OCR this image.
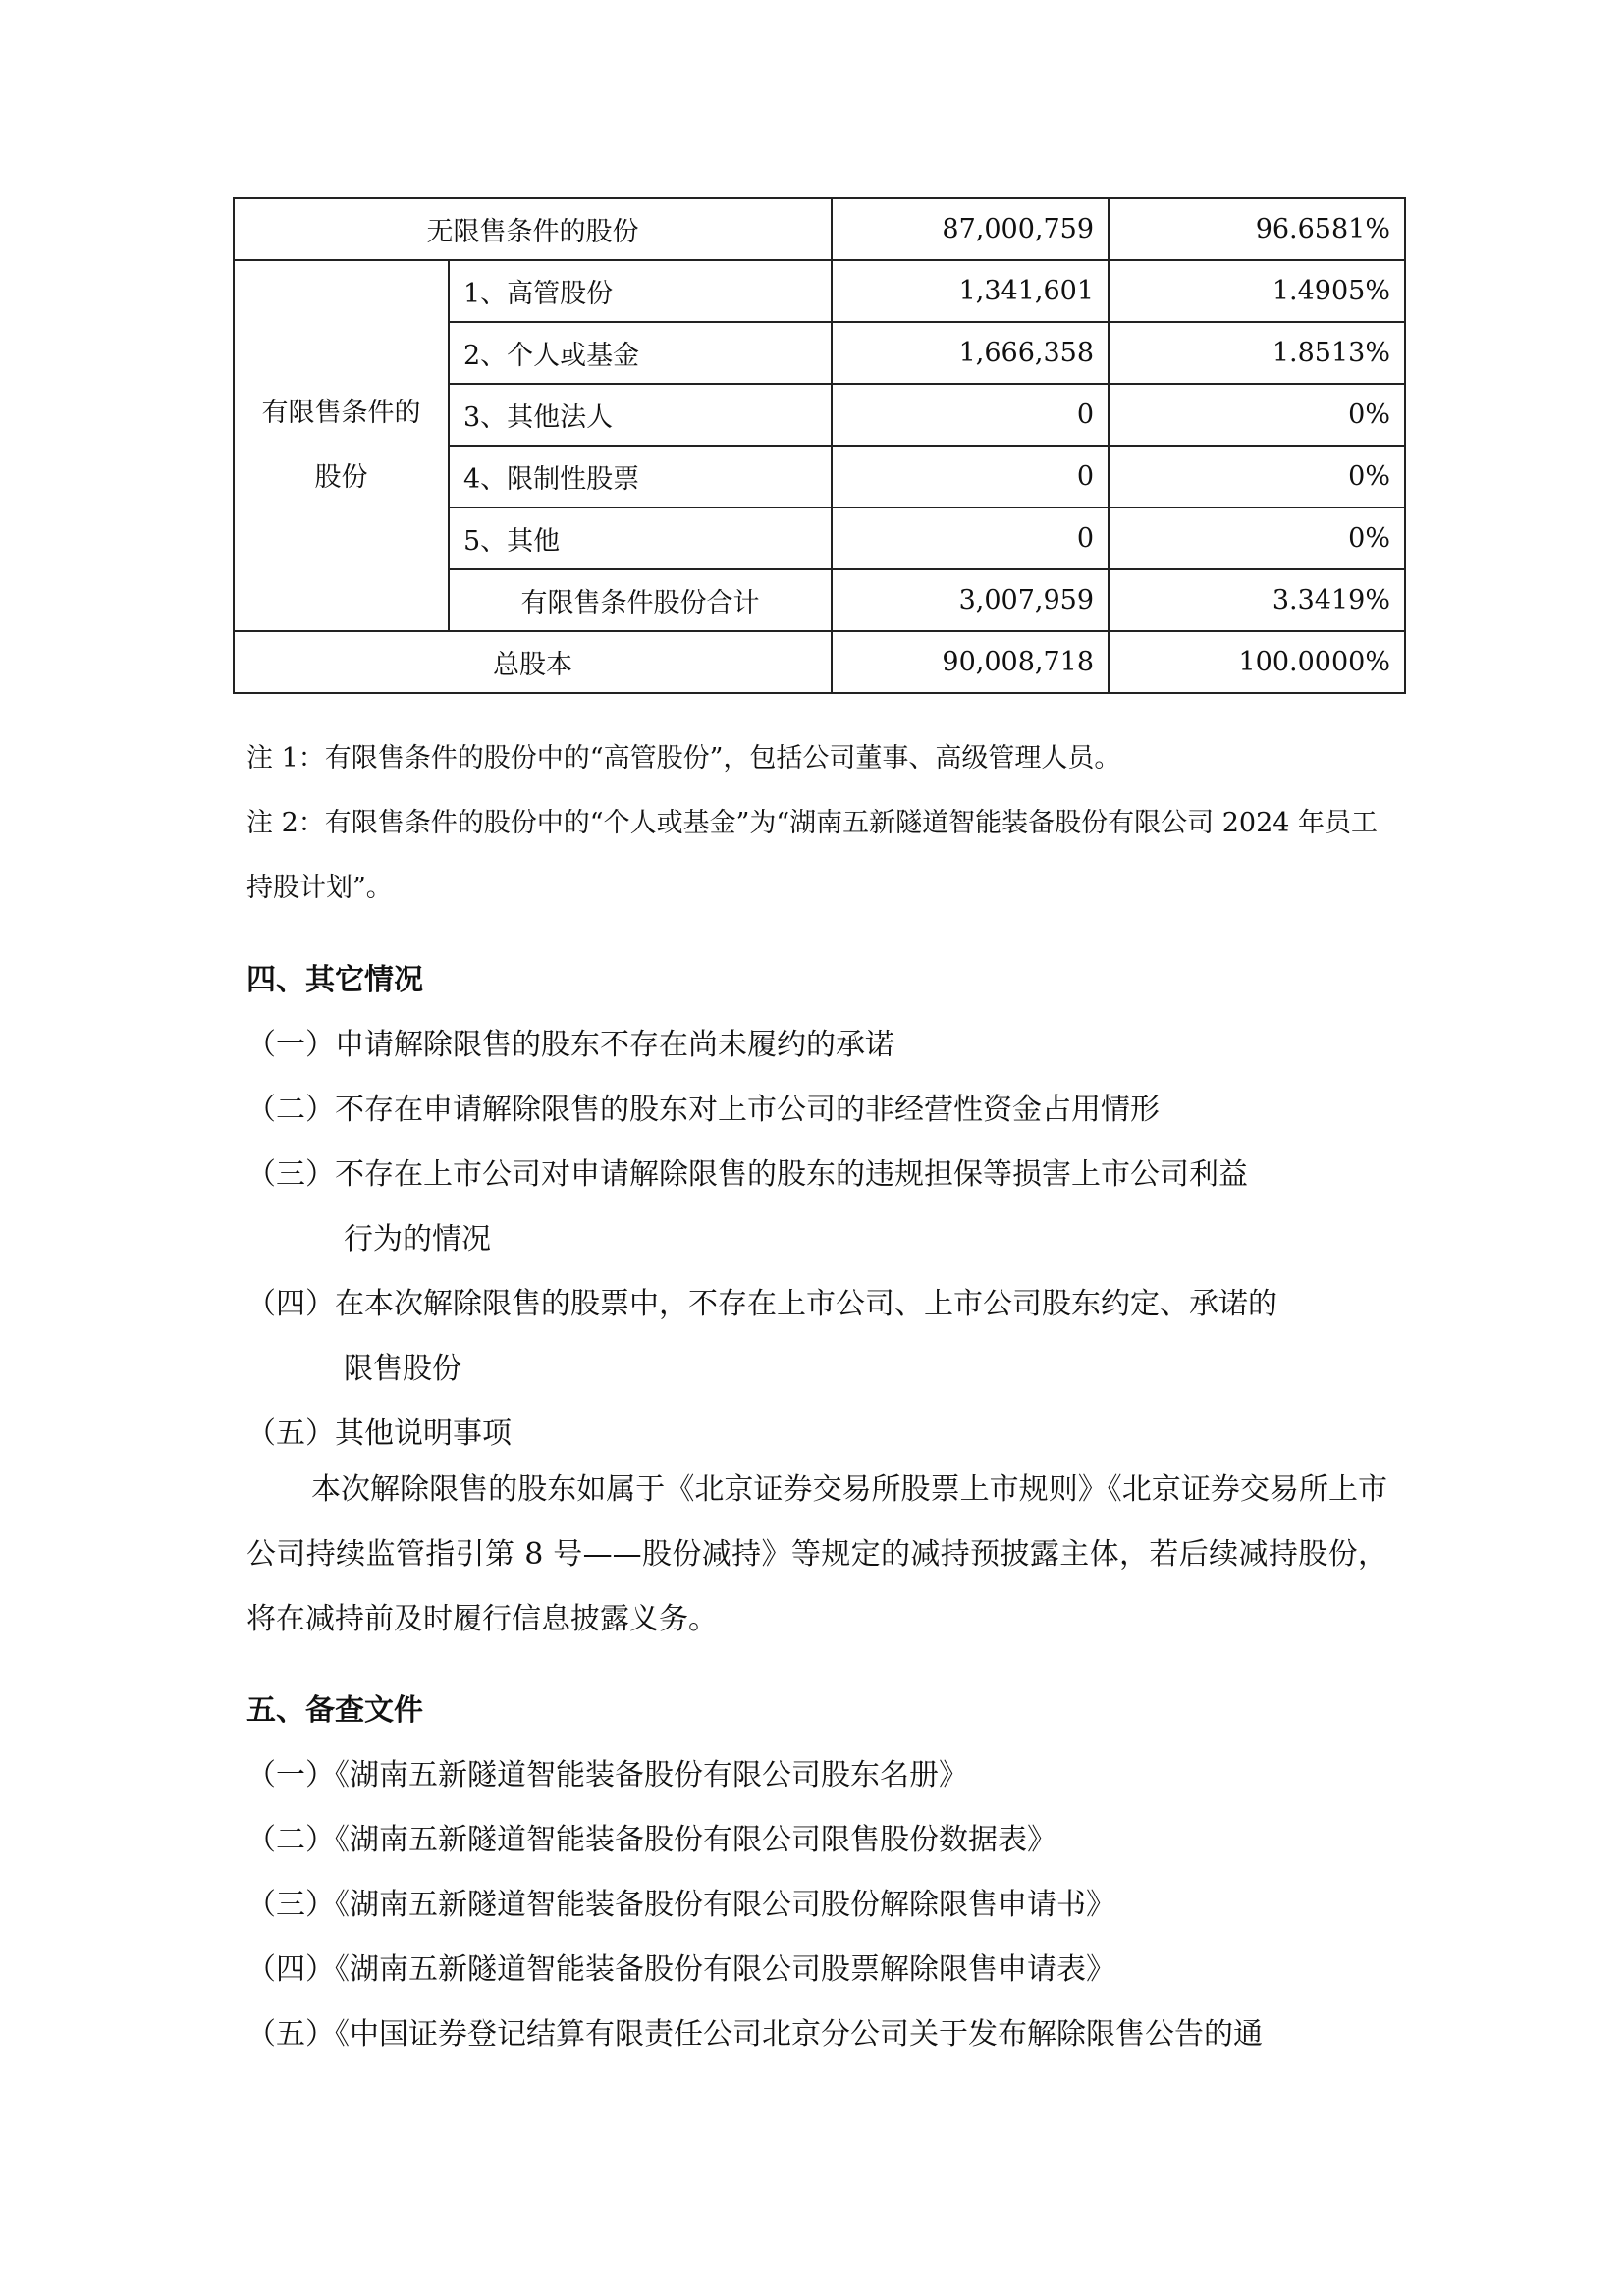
无限售条件的股份		87,000,759	96.6581%
有限售条件的
股份	1、高管股份	1,341,601	1.4905%
	2、个人或基金	1,666,358	1.8513%
	3、其他法人	0	0%
	4、限制性股票	0	0%
	5、其他	0	0%
	有限售条件股份合计	3,007,959	3.3419%
总股本		90,008,718	100.0000%
注 1：有限售条件的股份中的“高管股份”，包括公司董事、高级管理人员。
注 2：有限售条件的股份中的“个人或基金”为“湖南五新隧道智能装备股份有限公司 2024 年员工持股计划”。
四、其它情况
（一）申请解除限售的股东不存在尚未履约的承诺
（二）不存在申请解除限售的股东对上市公司的非经营性资金占用情形
（三）不存在上市公司对申请解除限售的股东的违规担保等损害上市公司利益
行为的情况
（四）在本次解除限售的股票中，不存在上市公司、上市公司股东约定、承诺的
限售股份
（五）其他说明事项
本次解除限售的股东如属于《北京证券交易所股票上市规则》《北京证券交易所上市公司持续监管指引第 8 号——股份减持》等规定的减持预披露主体，若后续减持股份，将在减持前及时履行信息披露义务。
五、备查文件
（一）《湖南五新隧道智能装备股份有限公司股东名册》
（二）《湖南五新隧道智能装备股份有限公司限售股份数据表》
（三）《湖南五新隧道智能装备股份有限公司股份解除限售申请书》
（四）《湖南五新隧道智能装备股份有限公司股票解除限售申请表》
（五）《中国证券登记结算有限责任公司北京分公司关于发布解除限售公告的通
